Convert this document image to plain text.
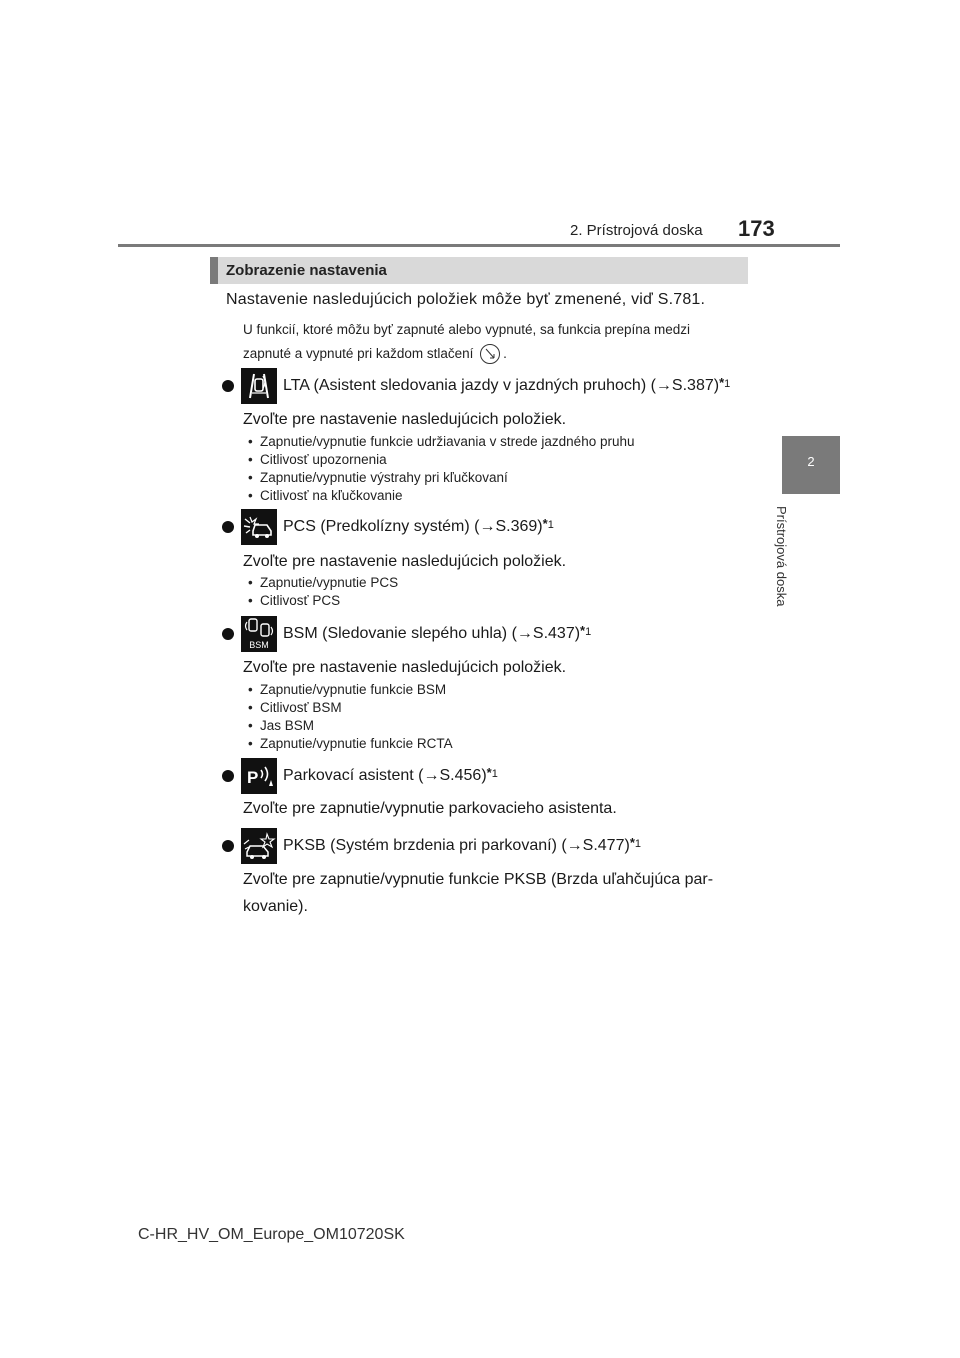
2. Prístrojová doska 173
2
Prístrojová doska
Zobrazenie nastavenia
Nastavenie nasledujúcich položiek môže byť zmenené, viď S.781.
U funkcií, ktoré môžu byť zapnuté alebo vypnuté, sa funkcia prepína medzi
zapnuté a vypnuté pri každom stlačení .
LTA (Asistent sledovania jazdy v jazdných pruhoch) (→S.387) $^{*1}$
Zvoľte pre nastavenie nasledujúcich položiek.
• Zapnutie/vypnutie funkcie udržiavania v strede jazdného pruhu
• Citlivosť upozornenia
• Zapnutie/vypnutie výstrahy pri kľučkovaní
• Citlivosť na kľučkovanie
PCS (Predkolízny systém) (→S.369) $^{*1}$
Zvoľte pre nastavenie nasledujúcich položiek.
• Zapnutie/vypnutie PCS
• Citlivosť PCS
BSM
BSM (Sledovanie slepého uhla) (→S.437) $^{*1}$
Zvoľte pre nastavenie nasledujúcich položiek.
• Zapnutie/vypnutie funkcie BSM
• Citlivosť BSM
• Jas BSM
• Zapnutie/vypnutie funkcie RCTA
P Parkovací asistent (→S.456) $^{*1}$
Zvoľte pre zapnutie/vypnutie parkovacieho asistenta.
PKSB (Systém brzdenia pri parkovaní) (→S.477) $^{*1}$
Zvoľte pre zapnutie/vypnutie funkcie PKSB (Brzda uľahčujúca par-
kovanie).
C-HR_HV_OM_Europe_OM10720SK
